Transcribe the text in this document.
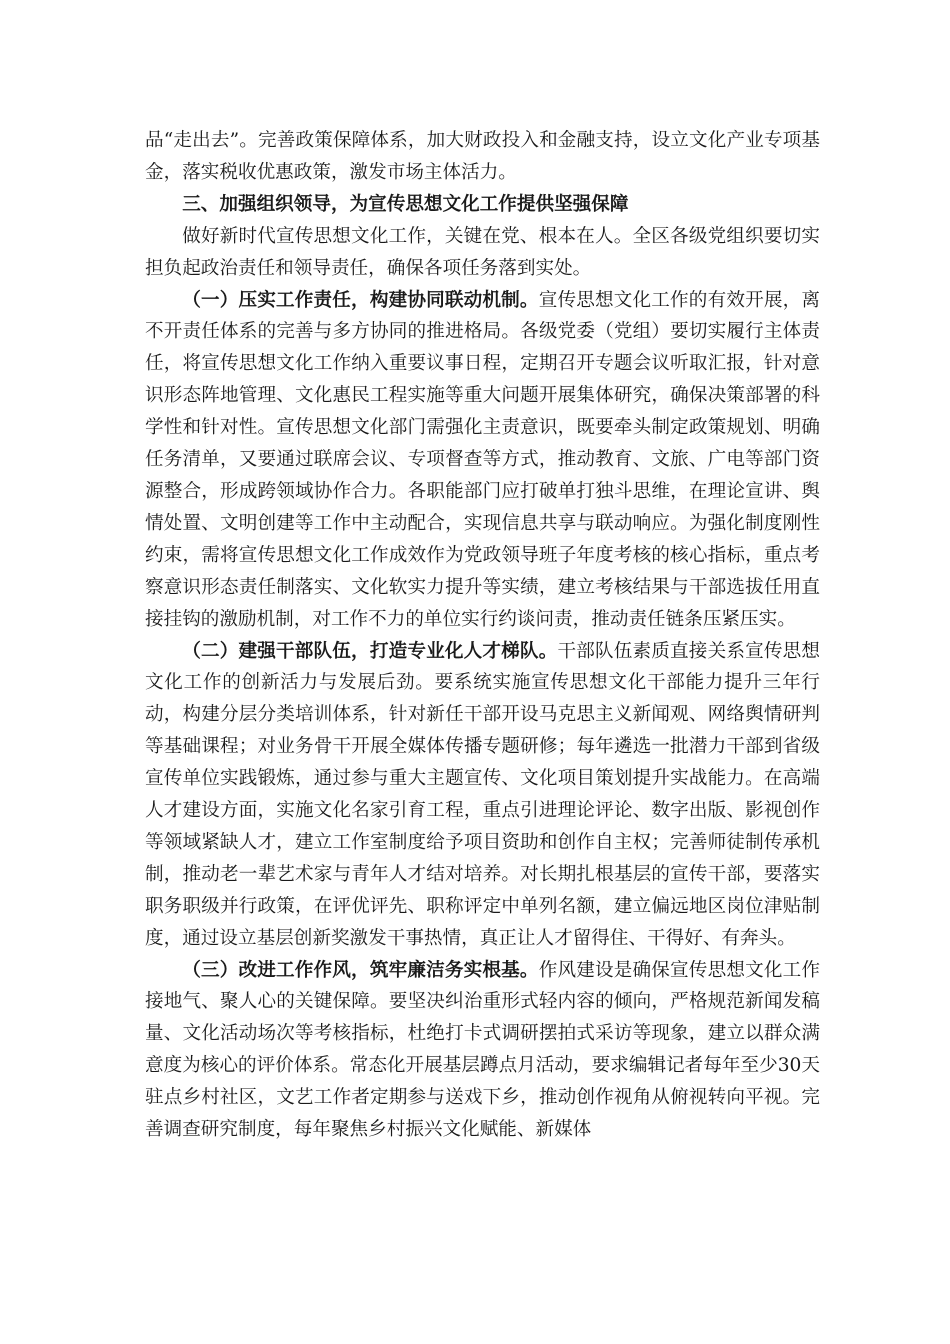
品“走出去”。完善政策保障体系，加大财政投入和金融支持，设立文化产业专项基金，落实税收优惠政策，激发市场主体活力。

三、加强组织领导，为宣传思想文化工作提供坚强保障

做好新时代宣传思想文化工作，关键在党、根本在人。全区各级党组织要切实担负起政治责任和领导责任，确保各项任务落到实处。

（一）压实工作责任，构建协同联动机制。宣传思想文化工作的有效开展，离不开责任体系的完善与多方协同的推进格局。各级党委（党组）要切实履行主体责任，将宣传思想文化工作纳入重要议事日程，定期召开专题会议听取汇报，针对意识形态阵地管理、文化惠民工程实施等重大问题开展集体研究，确保决策部署的科学性和针对性。宣传思想文化部门需强化主责意识，既要牵头制定政策规划、明确任务清单，又要通过联席会议、专项督查等方式，推动教育、文旅、广电等部门资源整合，形成跨领域协作合力。各职能部门应打破单打独斗思维，在理论宣讲、舆情处置、文明创建等工作中主动配合，实现信息共享与联动响应。为强化制度刚性约束，需将宣传思想文化工作成效作为党政领导班子年度考核的核心指标，重点考察意识形态责任制落实、文化软实力提升等实绩，建立考核结果与干部选拔任用直接挂钩的激励机制，对工作不力的单位实行约谈问责，推动责任链条压紧压实。

（二）建强干部队伍，打造专业化人才梯队。干部队伍素质直接关系宣传思想文化工作的创新活力与发展后劲。要系统实施宣传思想文化干部能力提升三年行动，构建分层分类培训体系，针对新任干部开设马克思主义新闻观、网络舆情研判等基础课程；对业务骨干开展全媒体传播专题研修；每年遴选一批潜力干部到省级宣传单位实践锻炼，通过参与重大主题宣传、文化项目策划提升实战能力。在高端人才建设方面，实施文化名家引育工程，重点引进理论评论、数字出版、影视创作等领域紧缺人才，建立工作室制度给予项目资助和创作自主权；完善师徒制传承机制，推动老一辈艺术家与青年人才结对培养。对长期扎根基层的宣传干部，要落实职务职级并行政策，在评优评先、职称评定中单列名额，建立偏远地区岗位津贴制度，通过设立基层创新奖激发干事热情，真正让人才留得住、干得好、有奔头。

（三）改进工作作风，筑牢廉洁务实根基。作风建设是确保宣传思想文化工作接地气、聚人心的关键保障。要坚决纠治重形式轻内容的倾向，严格规范新闻发稿量、文化活动场次等考核指标，杜绝打卡式调研摆拍式采访等现象，建立以群众满意度为核心的评价体系。常态化开展基层蹲点月活动，要求编辑记者每年至少30天驻点乡村社区，文艺工作者定期参与送戏下乡，推动创作视角从俯视转向平视。完善调查研究制度，每年聚焦乡村振兴文化赋能、新媒体
